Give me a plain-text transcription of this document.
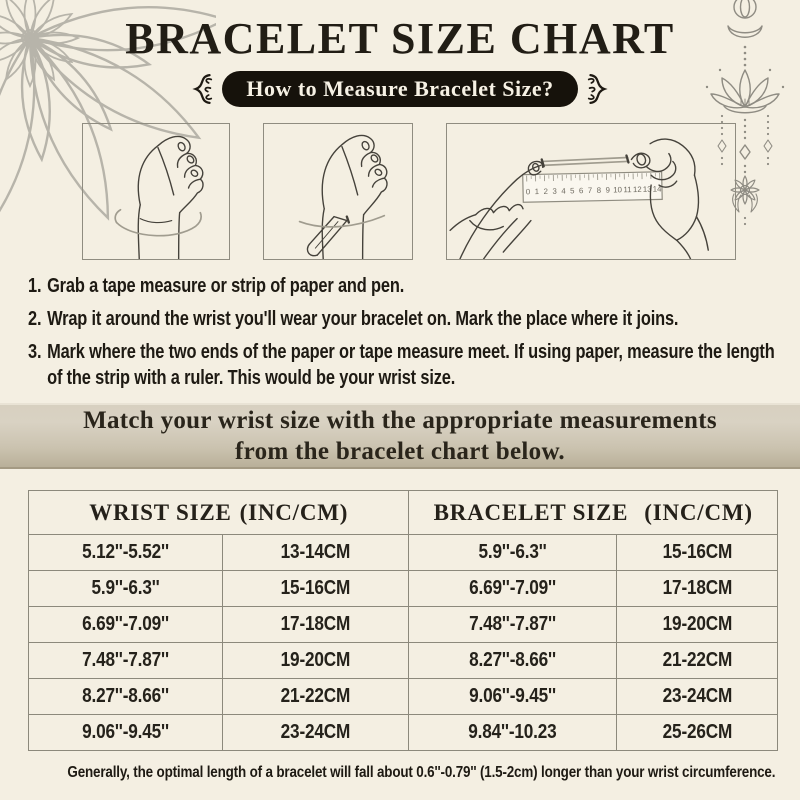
BRACELET SIZE CHART
How to Measure Bracelet Size?
0 1 2 3 4 5 6 7 8 9 10 11 12 13 14
1. Grab a tape measure or strip of paper and pen.
2. Wrap it around the wrist you'll wear your bracelet on. Mark the place where it joins.
3. Mark where the two ends of the paper or tape measure meet. If using paper, measure the length of the strip with a ruler. This would be your wrist size.
Match your wrist size with the appropriate measurements
from the bracelet chart below.
WRIST SIZE (INC/CM)		BRACELET SIZE (INC/CM)	
5.12''-5.52''	13-14CM	5.9''-6.3''	15-16CM
5.9''-6.3''	15-16CM	6.69''-7.09''	17-18CM
6.69''-7.09''	17-18CM	7.48''-7.87''	19-20CM
7.48''-7.87''	19-20CM	8.27''-8.66''	21-22CM
8.27''-8.66''	21-22CM	9.06''-9.45''	23-24CM
9.06''-9.45''	23-24CM	9.84''-10.23	25-26CM

Generally, the optimal length of a bracelet will fall about 0.6''-0.79'' (1.5-2cm) longer than your wrist circumference.
